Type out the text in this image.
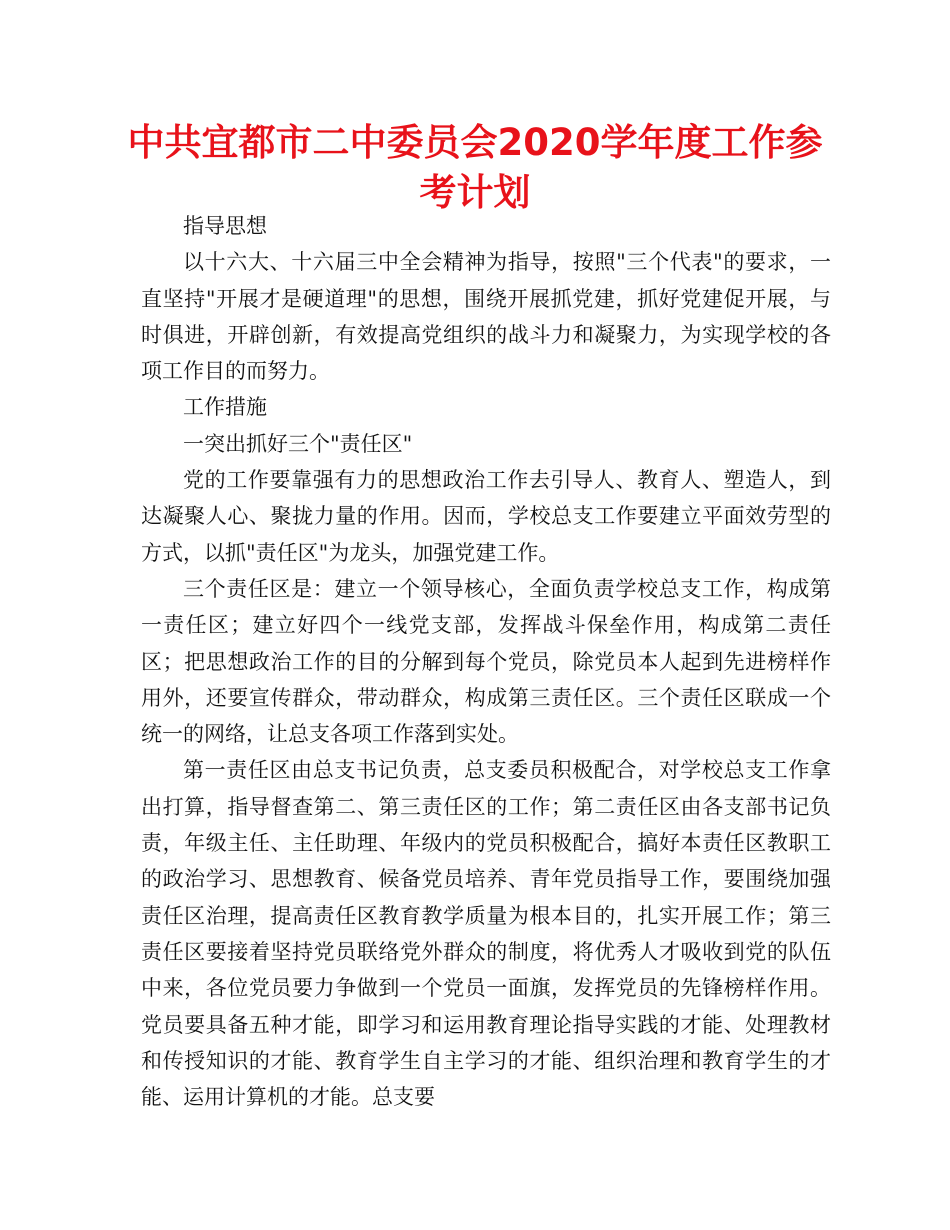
中共宜都市二中委员会2020学年度工作参考计划

指导思想

以十六大、十六届三中全会精神为指导，按照"三个代表"的要求，一直坚持"开展才是硬道理"的思想，围绕开展抓党建，抓好党建促开展，与时俱进，开辟创新，有效提高党组织的战斗力和凝聚力，为实现学校的各项工作目的而努力。

工作措施

一突出抓好三个"责任区"

党的工作要靠强有力的思想政治工作去引导人、教育人、塑造人，到达凝聚人心、聚拢力量的作用。因而，学校总支工作要建立平面效劳型的方式，以抓"责任区"为龙头，加强党建工作。

三个责任区是：建立一个领导核心，全面负责学校总支工作，构成第一责任区；建立好四个一线党支部，发挥战斗保垒作用，构成第二责任区；把思想政治工作的目的分解到每个党员，除党员本人起到先进榜样作用外，还要宣传群众，带动群众，构成第三责任区。三个责任区联成一个统一的网络，让总支各项工作落到实处。

第一责任区由总支书记负责，总支委员积极配合，对学校总支工作拿出打算，指导督查第二、第三责任区的工作；第二责任区由各支部书记负责，年级主任、主任助理、年级内的党员积极配合，搞好本责任区教职工的政治学习、思想教育、候备党员培养、青年党员指导工作，要围绕加强责任区治理，提高责任区教育教学质量为根本目的，扎实开展工作；第三责任区要接着坚持党员联络党外群众的制度，将优秀人才吸收到党的队伍中来，各位党员要力争做到一个党员一面旗，发挥党员的先锋榜样作用。党员要具备五种才能，即学习和运用教育理论指导实践的才能、处理教材和传授知识的才能、教育学生自主学习的才能、组织治理和教育学生的才能、运用计算机的才能。总支要
